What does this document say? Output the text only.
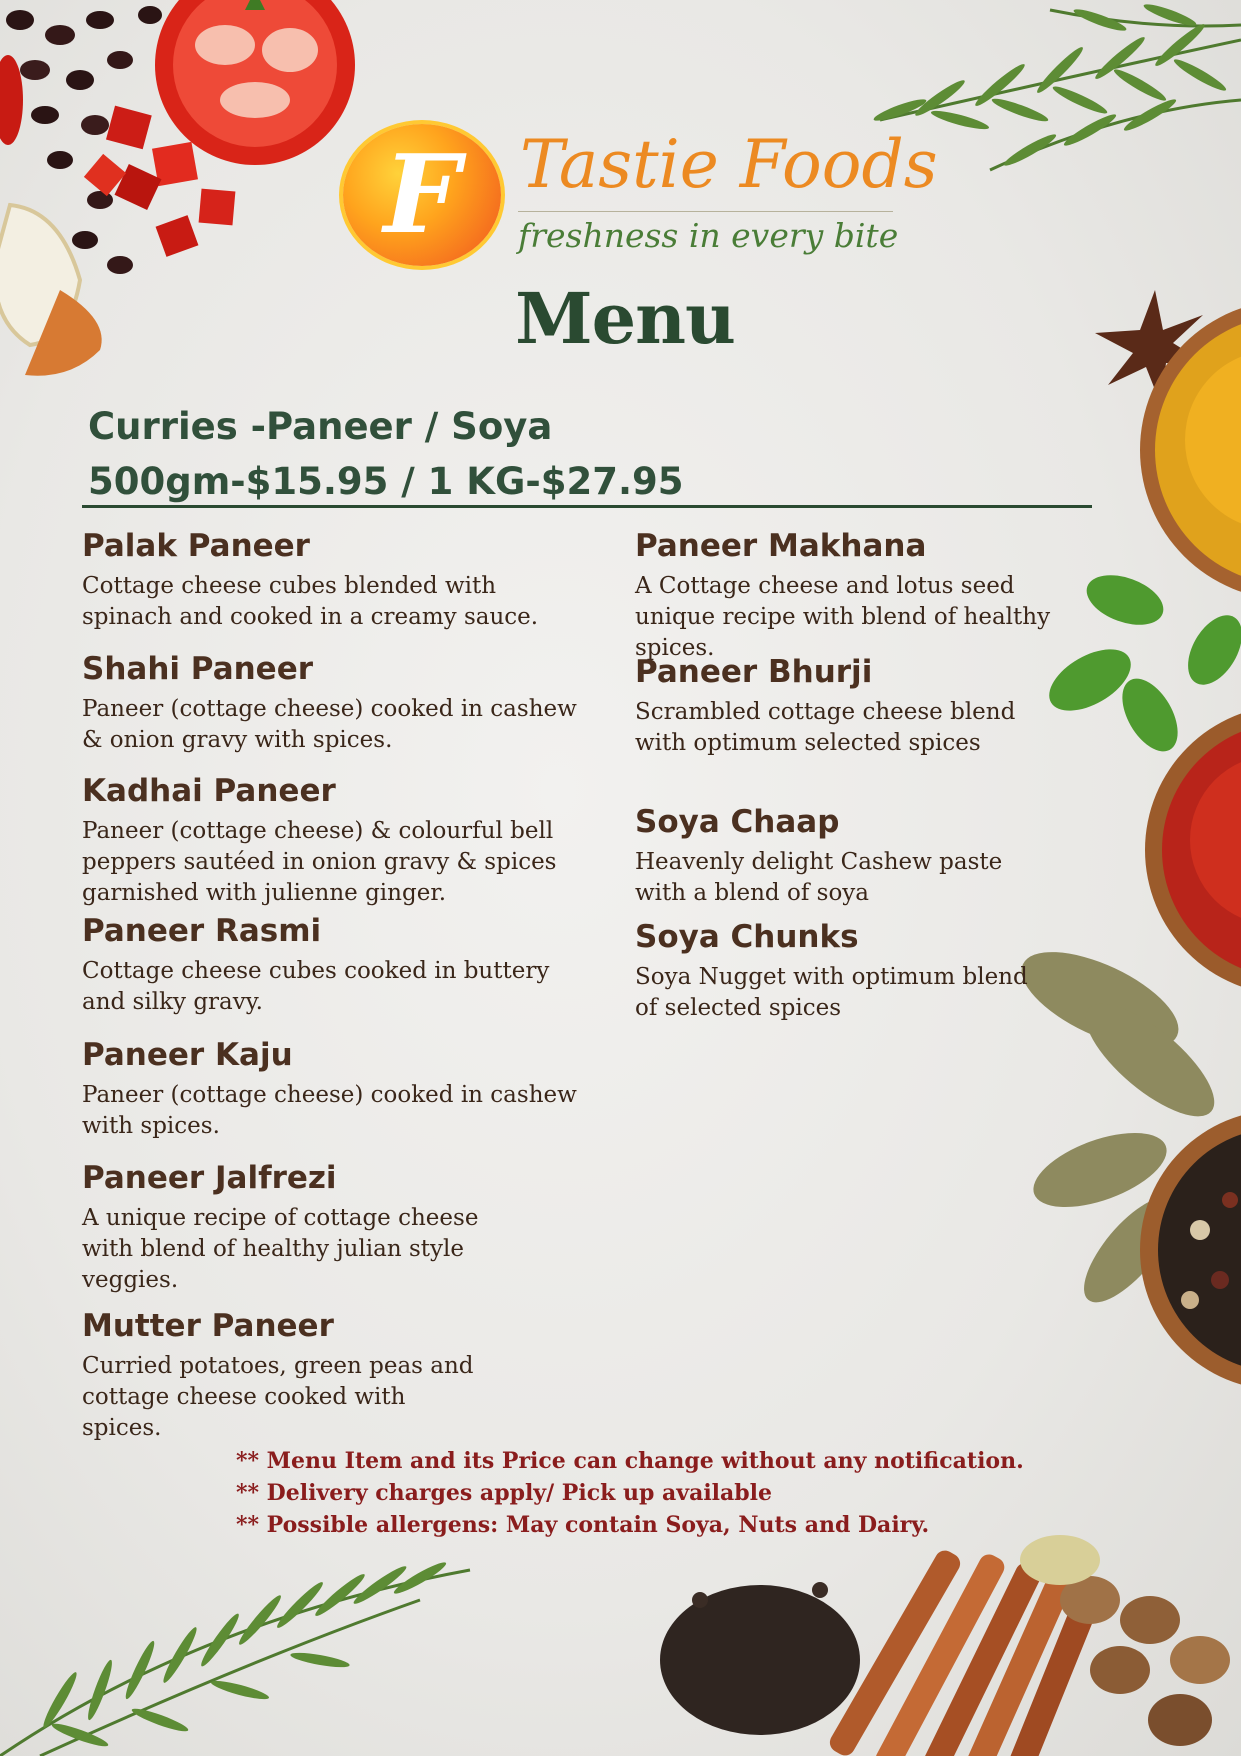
F Tastie Foods
freshness in every bite
Menu
Curries -Paneer / Soya
500gm-$15.95 / 1 KG-$27.95
Palak Paneer
Cottage cheese cubes blended with spinach and cooked in a creamy sauce.
Shahi Paneer
Paneer (cottage cheese) cooked in cashew & onion gravy with spices.
Kadhai Paneer
Paneer (cottage cheese) & colourful bell peppers sautéed in onion gravy & spices garnished with julienne ginger.
Paneer Rasmi
Cottage cheese cubes cooked in buttery and silky gravy.
Paneer Kaju
Paneer (cottage cheese) cooked in cashew with spices.
Paneer Jalfrezi
A unique recipe of cottage cheese with blend of healthy julian style veggies.
Mutter Paneer
Curried potatoes, green peas and cottage cheese cooked with spices.
Paneer Makhana
A Cottage cheese and lotus seed unique recipe with blend of healthy spices.
Paneer Bhurji
Scrambled cottage cheese blend with optimum selected spices
Soya Chaap
Heavenly delight Cashew paste with a blend of soya
Soya Chunks
Soya Nugget with optimum blend of selected spices
** Menu Item and its Price can change without any notification.
** Delivery charges apply/ Pick up available
** Possible allergens: May contain Soya, Nuts and Dairy.
